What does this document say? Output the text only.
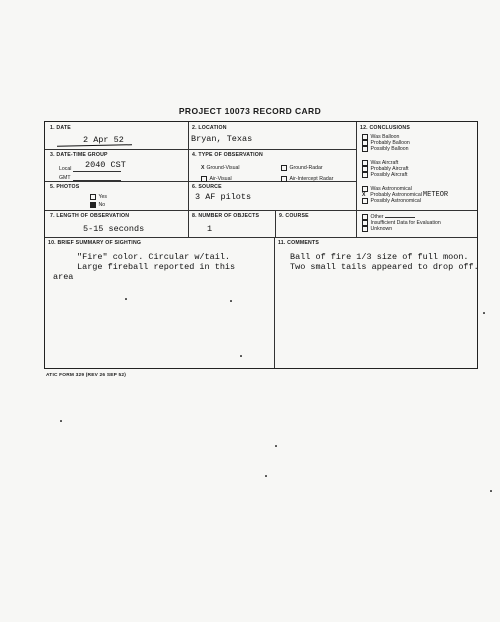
PROJECT 10073 RECORD CARD
1. DATE
2 Apr 52
2. LOCATION
Bryan, Texas
12. CONCLUSIONS
Was Balloon
Probably Balloon
Possibly Balloon
Was Aircraft
Probably Aircraft
Possibly Aircraft
Was Astronomical
X Probably AstronomicalMETEOR
Possibly Astronomical
Other
Insufficient Data for Evaluation
Unknown
3. DATE-TIME GROUP
Local 2040 CST
GMT
4. TYPE OF OBSERVATION
X Ground-Visual	Ground-Radar
Air-Visual	Air-Intercept Radar
5. PHOTOS
Yes
No
6. SOURCE
3 AF pilots
7. LENGTH OF OBSERVATION
5-15 seconds
8. NUMBER OF OBJECTS
1
9. COURSE
10. BRIEF SUMMARY OF SIGHTING
"Fire" color. Circular w/tail.
Large fireball reported in this
area
11. COMMENTS
Ball of fire 1/3 size of full moon.
Two small tails appeared to drop off.
ATIC FORM 329 (REV 26 SEP 52)
